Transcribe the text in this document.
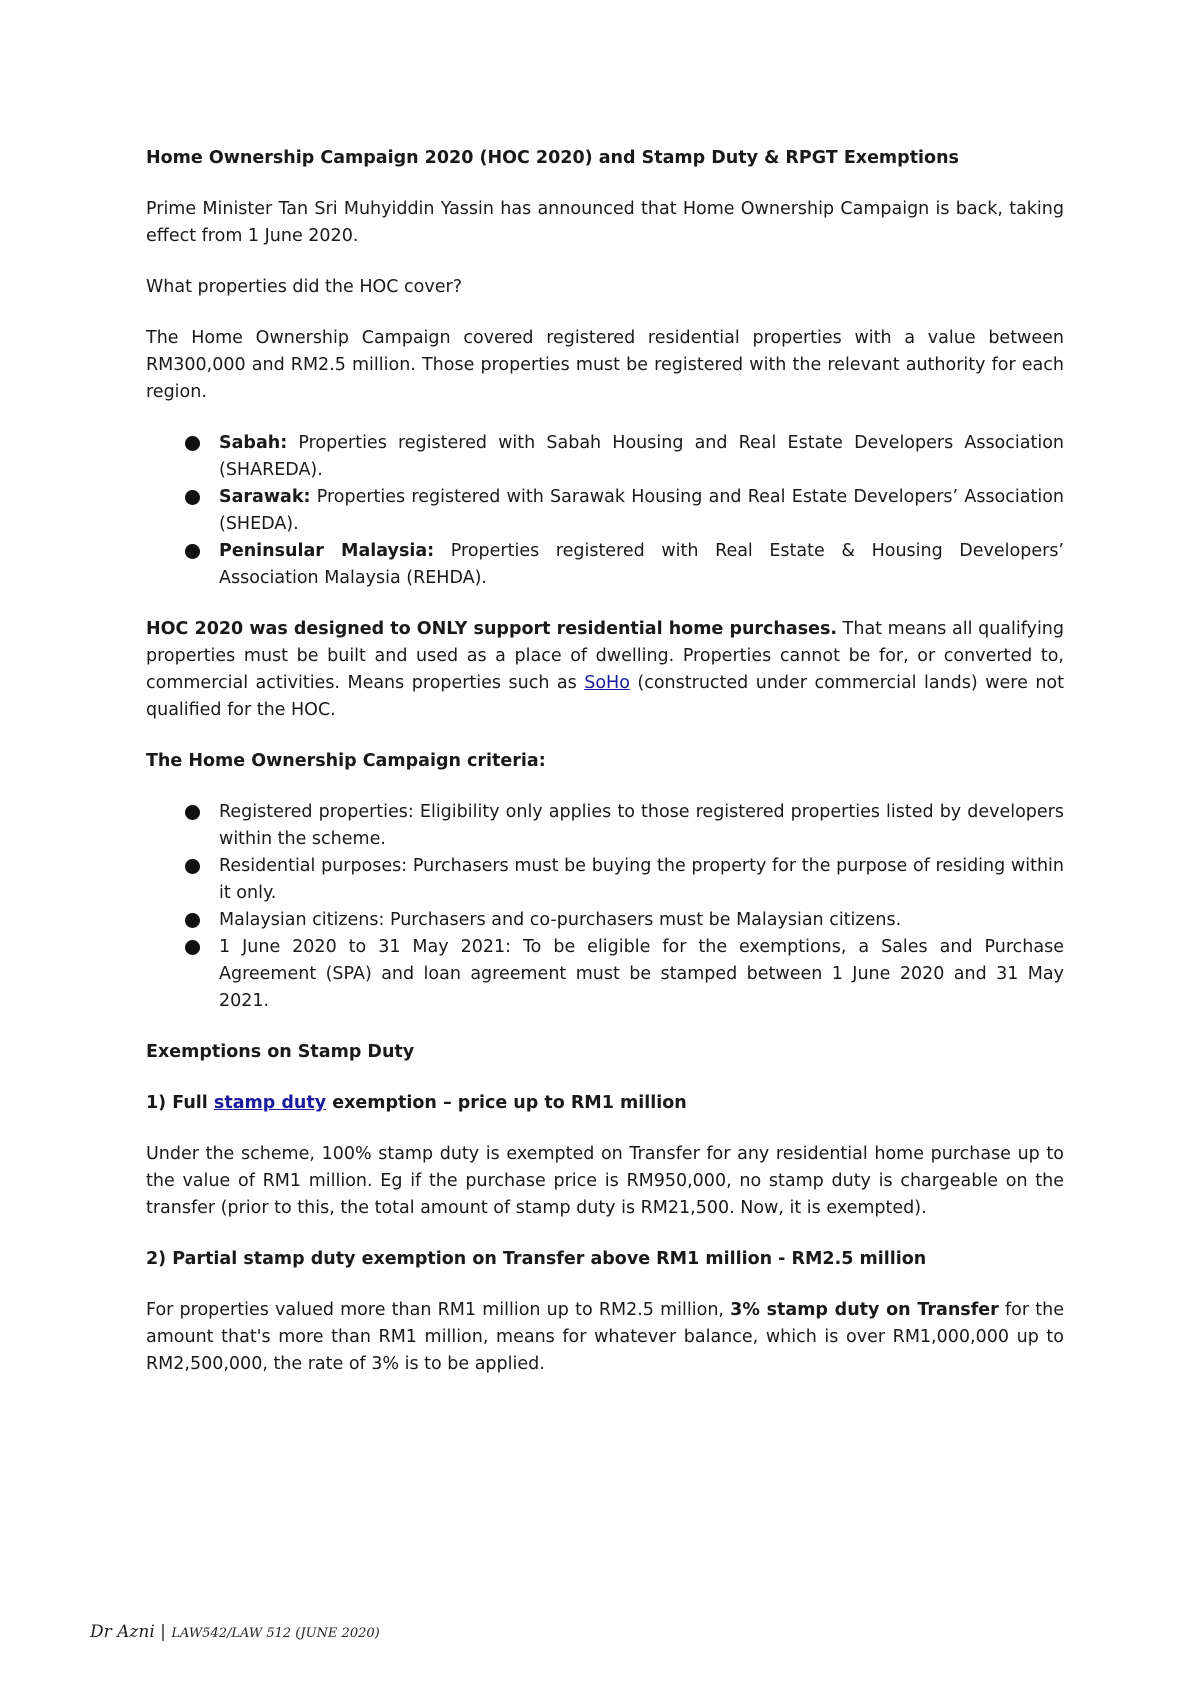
Home Ownership Campaign 2020 (HOC 2020) and Stamp Duty & RPGT Exemptions

Prime Minister Tan Sri Muhyiddin Yassin has announced that Home Ownership Campaign is back, taking effect from 1 June 2020.

What properties did the HOC cover?

The Home Ownership Campaign covered registered residential properties with a value between RM300,000 and RM2.5 million. Those properties must be registered with the relevant authority for each region.

Sabah: Properties registered with Sabah Housing and Real Estate Developers Association (SHAREDA).
Sarawak: Properties registered with Sarawak Housing and Real Estate Developers’ Association (SHEDA).
Peninsular Malaysia: Properties registered with Real Estate & Housing Developers’ Association Malaysia (REHDA).

HOC 2020 was designed to ONLY support residential home purchases. That means all qualifying properties must be built and used as a place of dwelling. Properties cannot be for, or converted to, commercial activities. Means properties such as SoHo (constructed under commercial lands) were not qualified for the HOC.

The Home Ownership Campaign criteria:

Registered properties: Eligibility only applies to those registered properties listed by developers within the scheme.
Residential purposes: Purchasers must be buying the property for the purpose of residing within it only.
Malaysian citizens: Purchasers and co-purchasers must be Malaysian citizens.
1 June 2020 to 31 May 2021: To be eligible for the exemptions, a Sales and Purchase Agreement (SPA) and loan agreement must be stamped between 1 June 2020 and 31 May 2021.

Exemptions on Stamp Duty

1) Full stamp duty exemption – price up to RM1 million

Under the scheme, 100% stamp duty is exempted on Transfer for any residential home purchase up to the value of RM1 million. Eg if the purchase price is RM950,000, no stamp duty is chargeable on the transfer (prior to this, the total amount of stamp duty is RM21,500. Now, it is exempted).

2) Partial stamp duty exemption on Transfer above RM1 million - RM2.5 million

For properties valued more than RM1 million up to RM2.5 million, 3% stamp duty on Transfer for the amount that's more than RM1 million, means for whatever balance, which is over RM1,000,000 up to RM2,500,000, the rate of 3% is to be applied.

Dr Azni | LAW542/LAW 512 (JUNE 2020)
